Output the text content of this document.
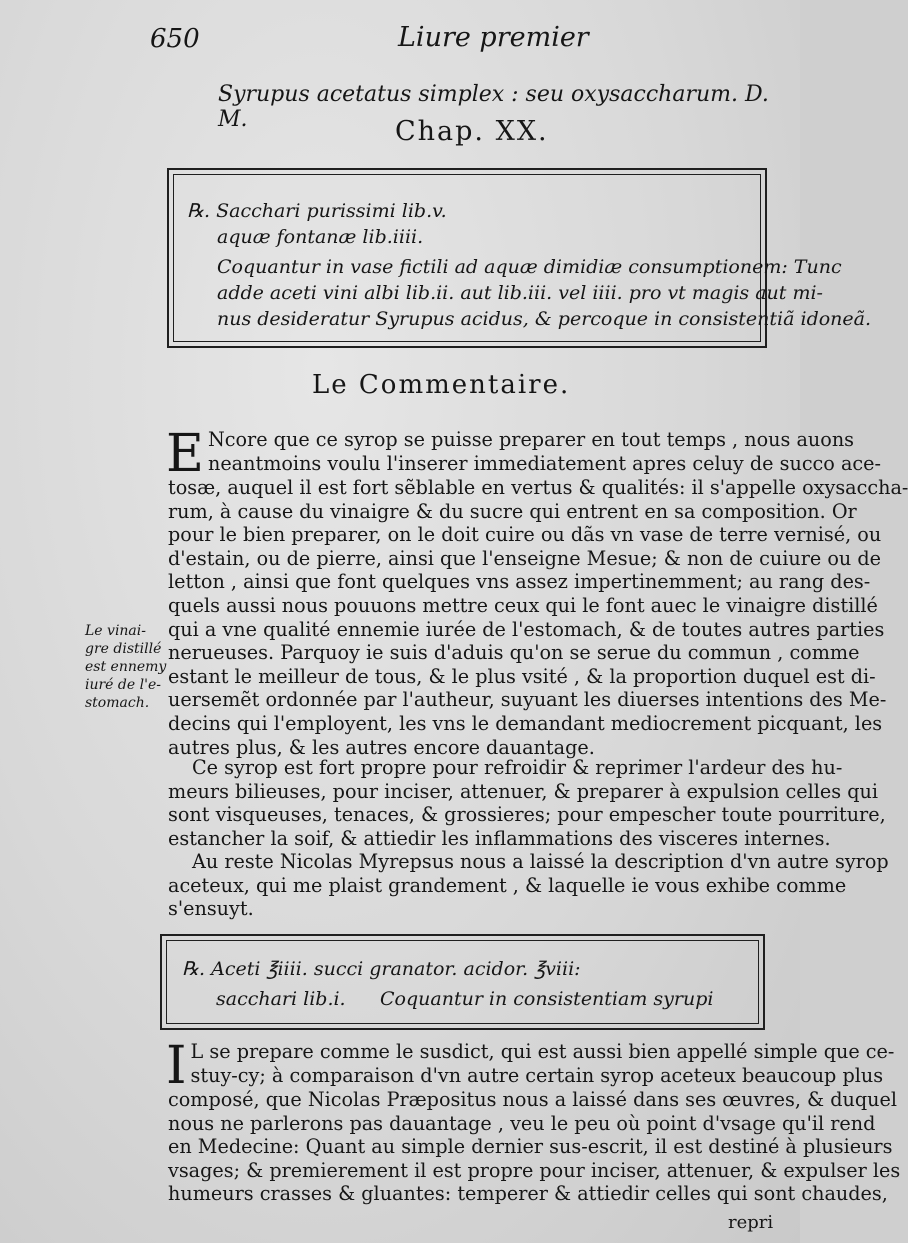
650	Liure premier
Syrupus acetatus simplex : seu oxysaccharum. D. M.	Chap. XX.
℞. Sacchari purissimi lib.v.
aquæ fontanæ lib.iiii.
Coquantur in vase fictili ad aquæ dimidiæ consumptionem: Tunc
adde aceti vini albi lib.ii. aut lib.iii. vel iiii. pro vt magis aut mi-
nus desideratur Syrupus acidus, & percoque in consistentiã idoneã.
Le Commentaire.
E Ncore que ce syrop se puisse preparer en tout temps , nous auons
neantmoins voulu l'inserer immediatement apres celuy de succo ace-
tosæ, auquel il est fort sẽblable en vertus & qualités: il s'appelle oxysaccha-
rum, à cause du vinaigre & du sucre qui entrent en sa composition. Or
pour le bien preparer, on le doit cuire ou dãs vn vase de terre vernisé, ou
d'estain, ou de pierre, ainsi que l'enseigne Mesue; & non de cuiure ou de
letton , ainsi que font quelques vns assez impertinemment; au rang des-
quels aussi nous pouuons mettre ceux qui le font auec le vinaigre distillé
qui a vne qualité ennemie iurée de l'estomach, & de toutes autres parties
nerueuses. Parquoy ie suis d'aduis qu'on se serue du commun , comme
estant le meilleur de tous, & le plus vsité , & la proportion duquel est di-
uersemẽt ordonnée par l'autheur, suyuant les diuerses intentions des Me-
decins qui l'employent, les vns le demandant mediocrement picquant, les
autres plus, & les autres encore dauantage.
Le vinai-
gre distillé
est ennemy
iuré de l'e-
stomach.
Ce syrop est fort propre pour refroidir & reprimer l'ardeur des hu-
meurs bilieuses, pour inciser, attenuer, & preparer à expulsion celles qui
sont visqueuses, tenaces, & grossieres; pour empescher toute pourriture,
estancher la soif, & attiedir les inflammations des visceres internes.
Au reste Nicolas Myrepsus nous a laissé la description d'vn autre syrop
aceteux, qui me plaist grandement , & laquelle ie vous exhibe comme
s'ensuyt.
℞. Aceti ℥iiii. succi granator. acidor. ℥viii:
sacchari lib.i. Coquantur in consistentiam syrupi
I L se prepare comme le susdict, qui est aussi bien appellé simple que ce-
stuy-cy; à comparaison d'vn autre certain syrop aceteux beaucoup plus
composé, que Nicolas Præpositus nous a laissé dans ses œuvres, & duquel
nous ne parlerons pas dauantage , veu le peu où point d'vsage qu'il rend
en Medecine: Quant au simple dernier sus-escrit, il est destiné à plusieurs
vsages; & premierement il est propre pour inciser, attenuer, & expulser les
humeurs crasses & gluantes: temperer & attiedir celles qui sont chaudes,
repri
